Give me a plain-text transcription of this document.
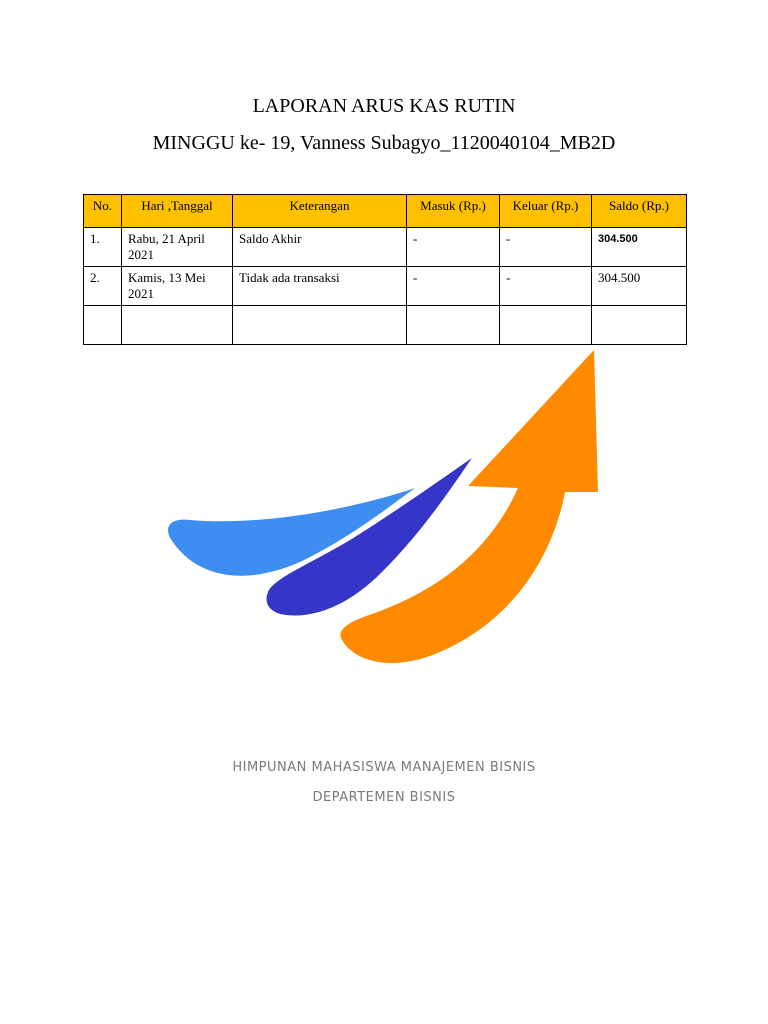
LAPORAN ARUS KAS RUTIN
MINGGU ke- 19, Vanness Subagyo_1120040104_MB2D
No.	Hari ,Tanggal	Keterangan	Masuk (Rp.)	Keluar (Rp.)	Saldo (Rp.)
1.	Rabu, 21 April 2021	Saldo Akhir	-	-	304.500
2.	Kamis, 13 Mei 2021	Tidak ada transaksi	-	-	304.500

HIMPUNAN MAHASISWA MANAJEMEN BISNIS
DEPARTEMEN BISNIS
